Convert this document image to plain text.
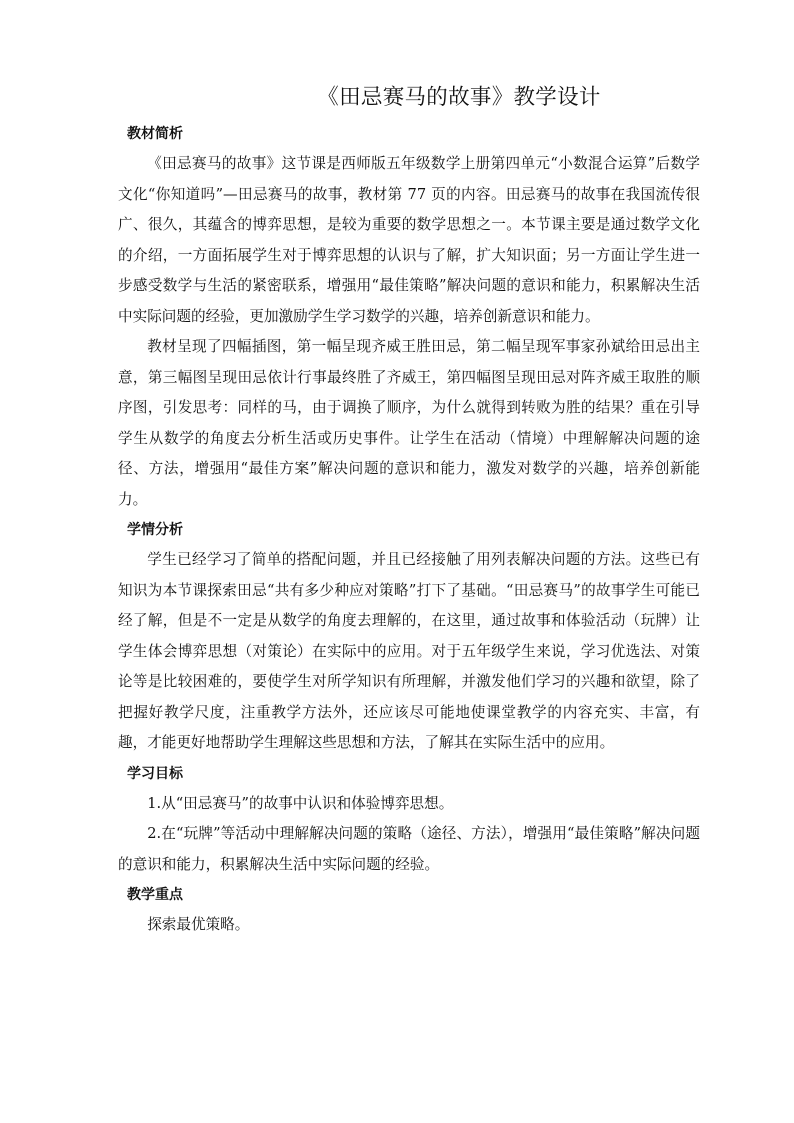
《田忌赛马的故事》教学设计

教材简析

《田忌赛马的故事》这节课是西师版五年级数学上册第四单元“小数混合运算”后数学文化“你知道吗”—田忌赛马的故事，教材第 77 页的内容。田忌赛马的故事在我国流传很广、很久，其蕴含的博弈思想，是较为重要的数学思想之一。本节课主要是通过数学文化的介绍，一方面拓展学生对于博弈思想的认识与了解，扩大知识面；另一方面让学生进一步感受数学与生活的紧密联系，增强用“最佳策略”解决问题的意识和能力，积累解决生活中实际问题的经验，更加激励学生学习数学的兴趣，培养创新意识和能力。

教材呈现了四幅插图，第一幅呈现齐威王胜田忌，第二幅呈现军事家孙斌给田忌出主意，第三幅图呈现田忌依计行事最终胜了齐威王，第四幅图呈现田忌对阵齐威王取胜的顺序图，引发思考：同样的马，由于调换了顺序，为什么就得到转败为胜的结果？重在引导学生从数学的角度去分析生活或历史事件。让学生在活动（情境）中理解解决问题的途径、方法，增强用“最佳方案”解决问题的意识和能力，激发对数学的兴趣，培养创新能力。

学情分析

学生已经学习了简单的搭配问题，并且已经接触了用列表解决问题的方法。这些已有知识为本节课探索田忌“共有多少种应对策略”打下了基础。“田忌赛马”的故事学生可能已经了解，但是不一定是从数学的角度去理解的，在这里，通过故事和体验活动（玩牌）让学生体会博弈思想（对策论）在实际中的应用。对于五年级学生来说，学习优选法、对策论等是比较困难的，要使学生对所学知识有所理解，并激发他们学习的兴趣和欲望，除了把握好教学尺度，注重教学方法外，还应该尽可能地使课堂教学的内容充实、丰富，有趣，才能更好地帮助学生理解这些思想和方法，了解其在实际生活中的应用。

学习目标

1.从“田忌赛马”的故事中认识和体验博弈思想。

2.在“玩牌”等活动中理解解决问题的策略（途径、方法），增强用“最佳策略”解决问题的意识和能力，积累解决生活中实际问题的经验。

教学重点

探索最优策略。
